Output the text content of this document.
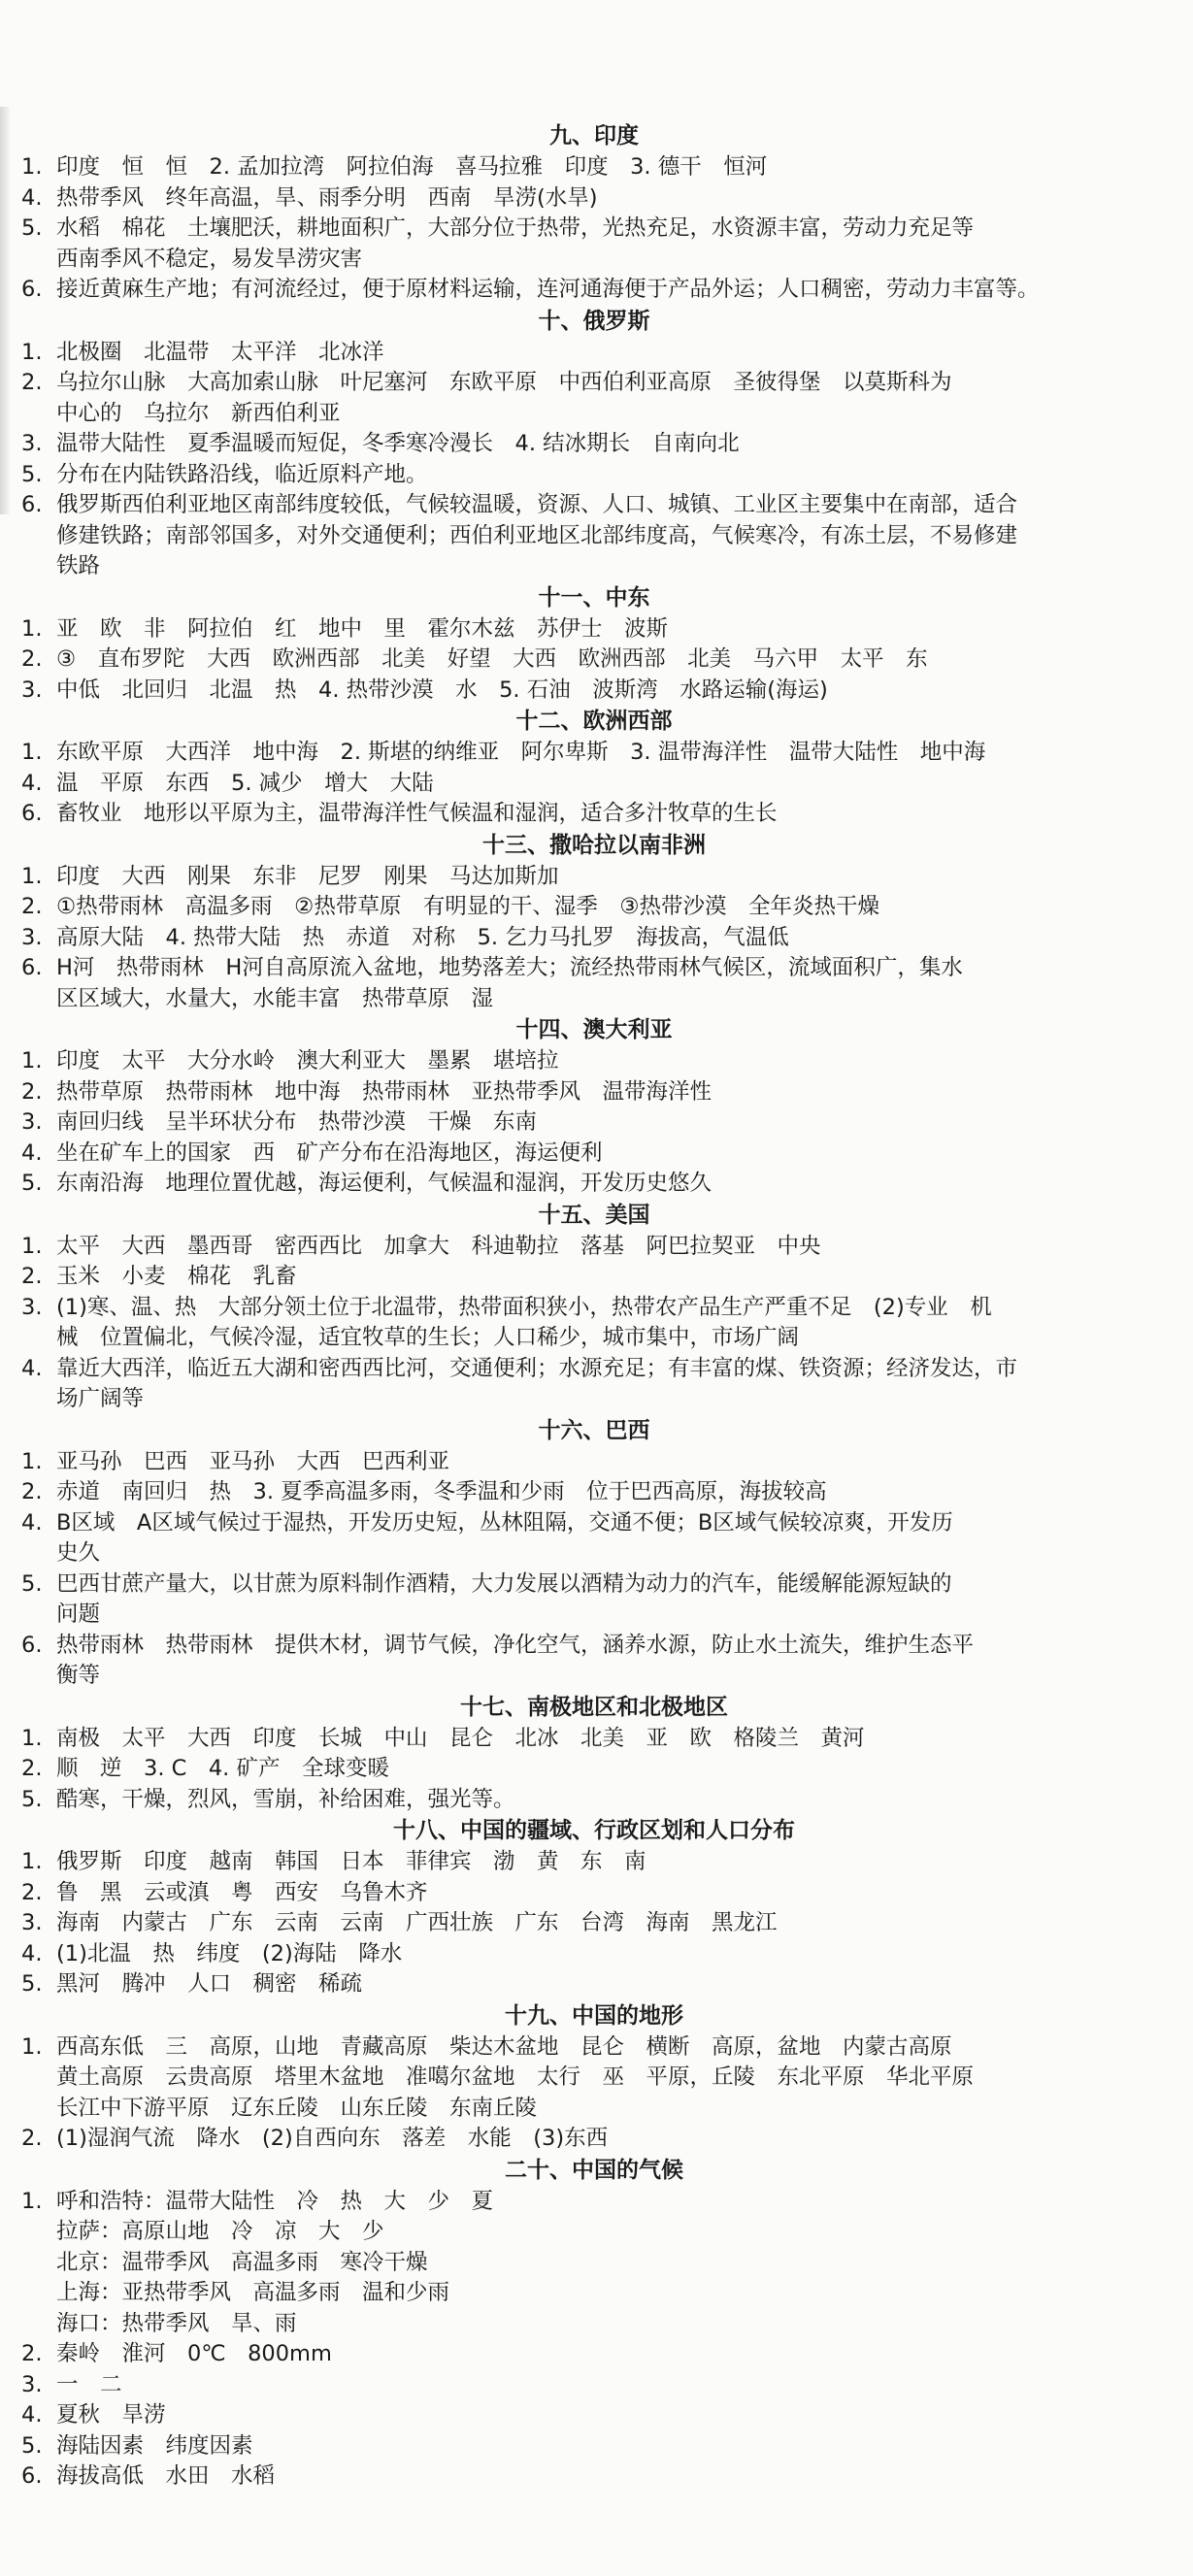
九、印度
1. 印度　恒　恒　2. 孟加拉湾　阿拉伯海　喜马拉雅　印度　3. 德干　恒河
4. 热带季风　终年高温，旱、雨季分明　西南　旱涝(水旱)
5. 水稻　棉花　土壤肥沃，耕地面积广，大部分位于热带，光热充足，水资源丰富，劳动力充足等
西南季风不稳定，易发旱涝灾害
6. 接近黄麻生产地；有河流经过，便于原材料运输，连河通海便于产品外运；人口稠密，劳动力丰富等。
十、俄罗斯
1. 北极圈　北温带　太平洋　北冰洋
2. 乌拉尔山脉　大高加索山脉　叶尼塞河　东欧平原　中西伯利亚高原　圣彼得堡　以莫斯科为
中心的　乌拉尔　新西伯利亚
3. 温带大陆性　夏季温暖而短促，冬季寒冷漫长　4. 结冰期长　自南向北
5. 分布在内陆铁路沿线，临近原料产地。
6. 俄罗斯西伯利亚地区南部纬度较低，气候较温暖，资源、人口、城镇、工业区主要集中在南部，适合
修建铁路；南部邻国多，对外交通便利；西伯利亚地区北部纬度高，气候寒冷，有冻土层，不易修建
铁路
十一、中东
1. 亚　欧　非　阿拉伯　红　地中　里　霍尔木兹　苏伊士　波斯
2. ③　直布罗陀　大西　欧洲西部　北美　好望　大西　欧洲西部　北美　马六甲　太平　东
3. 中低　北回归　北温　热　4. 热带沙漠　水　5. 石油　波斯湾　水路运输(海运)
十二、欧洲西部
1. 东欧平原　大西洋　地中海　2. 斯堪的纳维亚　阿尔卑斯　3. 温带海洋性　温带大陆性　地中海
4. 温　平原　东西　5. 减少　增大　大陆
6. 畜牧业　地形以平原为主，温带海洋性气候温和湿润，适合多汁牧草的生长
十三、撒哈拉以南非洲
1. 印度　大西　刚果　东非　尼罗　刚果　马达加斯加
2. ①热带雨林　高温多雨　②热带草原　有明显的干、湿季　③热带沙漠　全年炎热干燥
3. 高原大陆　4. 热带大陆　热　赤道　对称　5. 乞力马扎罗　海拔高，气温低
6. H河　热带雨林　H河自高原流入盆地，地势落差大；流经热带雨林气候区，流域面积广，集水
区区域大，水量大，水能丰富　热带草原　湿
十四、澳大利亚
1. 印度　太平　大分水岭　澳大利亚大　墨累　堪培拉
2. 热带草原　热带雨林　地中海　热带雨林　亚热带季风　温带海洋性
3. 南回归线　呈半环状分布　热带沙漠　干燥　东南
4. 坐在矿车上的国家　西　矿产分布在沿海地区，海运便利
5. 东南沿海　地理位置优越，海运便利，气候温和湿润，开发历史悠久
十五、美国
1. 太平　大西　墨西哥　密西西比　加拿大　科迪勒拉　落基　阿巴拉契亚　中央
2. 玉米　小麦　棉花　乳畜
3. (1)寒、温、热　大部分领土位于北温带，热带面积狭小，热带农产品生产严重不足　(2)专业　机
械　位置偏北，气候冷湿，适宜牧草的生长；人口稀少，城市集中，市场广阔
4. 靠近大西洋，临近五大湖和密西西比河，交通便利；水源充足；有丰富的煤、铁资源；经济发达，市
场广阔等
十六、巴西
1. 亚马孙　巴西　亚马孙　大西　巴西利亚
2. 赤道　南回归　热　3. 夏季高温多雨，冬季温和少雨　位于巴西高原，海拔较高
4. B区域　A区域气候过于湿热，开发历史短，丛林阻隔，交通不便；B区域气候较凉爽，开发历
史久
5. 巴西甘蔗产量大，以甘蔗为原料制作酒精，大力发展以酒精为动力的汽车，能缓解能源短缺的
问题
6. 热带雨林　热带雨林　提供木材，调节气候，净化空气，涵养水源，防止水土流失，维护生态平
衡等
十七、南极地区和北极地区
1. 南极　太平　大西　印度　长城　中山　昆仑　北冰　北美　亚　欧　格陵兰　黄河
2. 顺　逆　3. C　4. 矿产　全球变暖
5. 酷寒，干燥，烈风，雪崩，补给困难，强光等。
十八、中国的疆域、行政区划和人口分布
1. 俄罗斯　印度　越南　韩国　日本　菲律宾　渤　黄　东　南
2. 鲁　黑　云或滇　粤　西安　乌鲁木齐
3. 海南　内蒙古　广东　云南　云南　广西壮族　广东　台湾　海南　黑龙江
4. (1)北温　热　纬度　(2)海陆　降水
5. 黑河　腾冲　人口　稠密　稀疏
十九、中国的地形
1. 西高东低　三　高原，山地　青藏高原　柴达木盆地　昆仑　横断　高原，盆地　内蒙古高原
黄土高原　云贵高原　塔里木盆地　准噶尔盆地　太行　巫　平原，丘陵　东北平原　华北平原
长江中下游平原　辽东丘陵　山东丘陵　东南丘陵
2. (1)湿润气流　降水　(2)自西向东　落差　水能　(3)东西
二十、中国的气候
1. 呼和浩特：温带大陆性　冷　热　大　少　夏
拉萨：高原山地　冷　凉　大　少
北京：温带季风　高温多雨　寒冷干燥
上海：亚热带季风　高温多雨　温和少雨
海口：热带季风　旱、雨
2. 秦岭　淮河　0℃　800mm
3. 一　二
4. 夏秋　旱涝
5. 海陆因素　纬度因素
6. 海拔高低　水田　水稻
